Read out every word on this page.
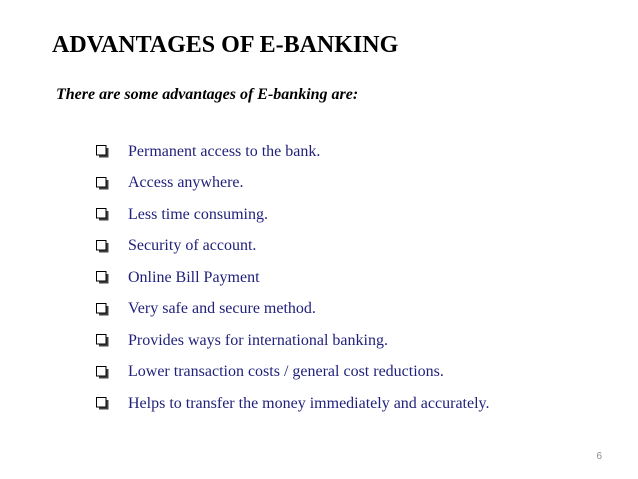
ADVANTAGES OF E-BANKING
There are some advantages of E-banking are:
Permanent access to the bank.
Access anywhere.
Less time consuming.
Security of account.
Online Bill Payment
Very safe and secure method.
Provides ways for international banking.
Lower transaction costs / general cost reductions.
Helps to transfer the money immediately and accurately.
6
